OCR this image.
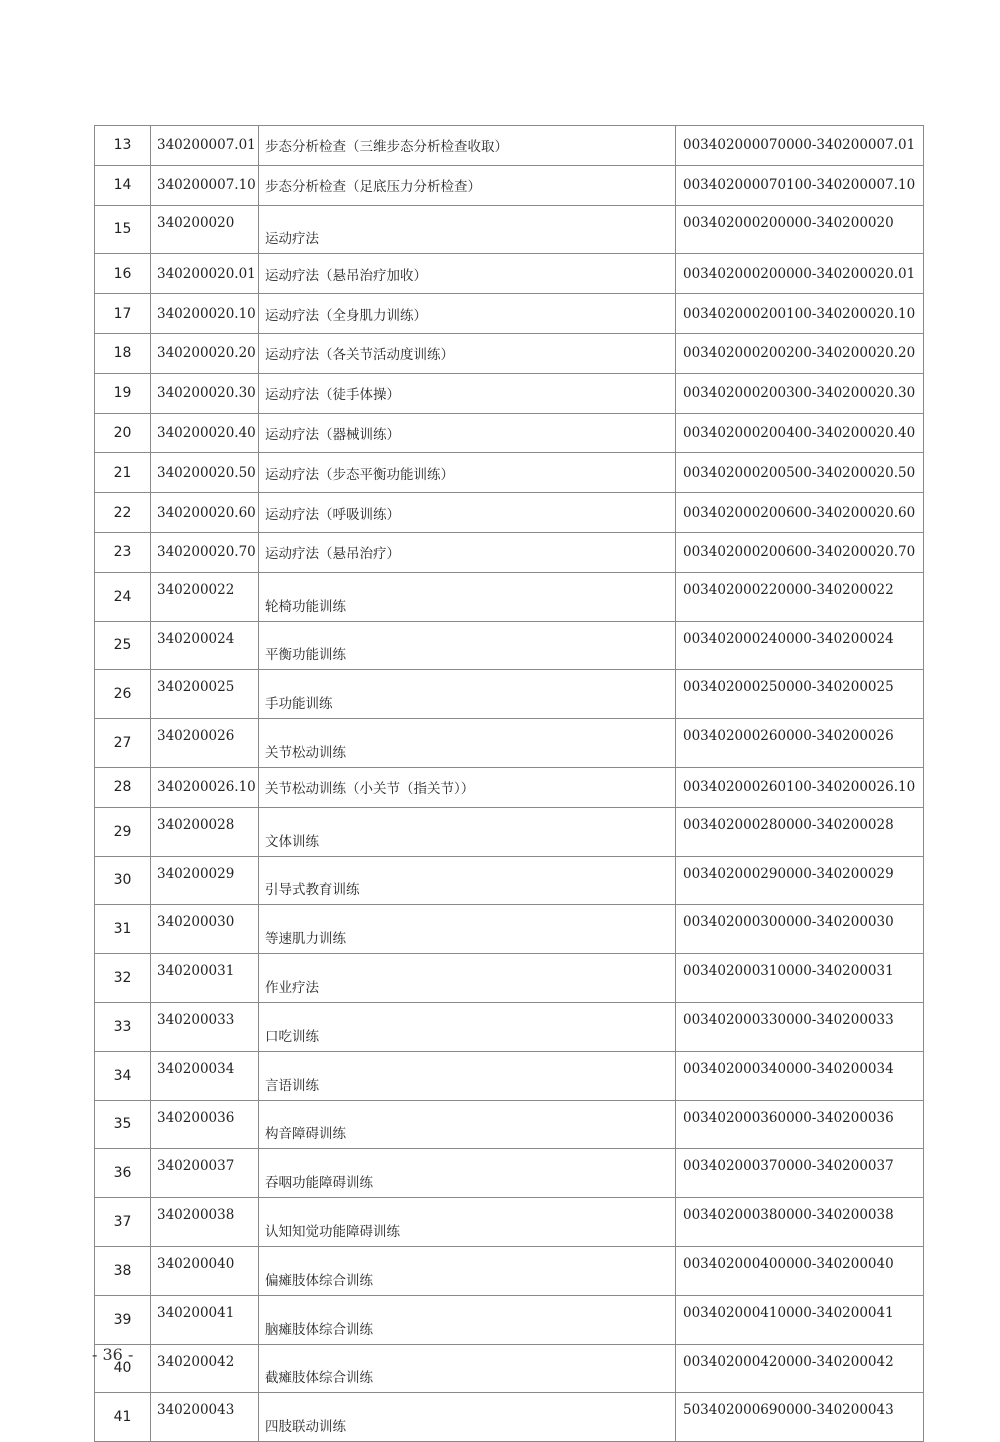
13	340200007.01	步态分析检查（三维步态分析检查收取）	003402000070000-340200007.01
14	340200007.10	步态分析检查（足底压力分析检查）	003402000070100-340200007.10
15	340200020	运动疗法	003402000200000-340200020
16	340200020.01	运动疗法（悬吊治疗加收）	003402000200000-340200020.01
17	340200020.10	运动疗法（全身肌力训练）	003402000200100-340200020.10
18	340200020.20	运动疗法（各关节活动度训练）	003402000200200-340200020.20
19	340200020.30	运动疗法（徒手体操）	003402000200300-340200020.30
20	340200020.40	运动疗法（器械训练）	003402000200400-340200020.40
21	340200020.50	运动疗法（步态平衡功能训练）	003402000200500-340200020.50
22	340200020.60	运动疗法（呼吸训练）	003402000200600-340200020.60
23	340200020.70	运动疗法（悬吊治疗）	003402000200600-340200020.70
24	340200022	轮椅功能训练	003402000220000-340200022
25	340200024	平衡功能训练	003402000240000-340200024
26	340200025	手功能训练	003402000250000-340200025
27	340200026	关节松动训练	003402000260000-340200026
28	340200026.10	关节松动训练（小关节（指关节））	003402000260100-340200026.10
29	340200028	文体训练	003402000280000-340200028
30	340200029	引导式教育训练	003402000290000-340200029
31	340200030	等速肌力训练	003402000300000-340200030
32	340200031	作业疗法	003402000310000-340200031
33	340200033	口吃训练	003402000330000-340200033
34	340200034	言语训练	003402000340000-340200034
35	340200036	构音障碍训练	003402000360000-340200036
36	340200037	吞咽功能障碍训练	003402000370000-340200037
37	340200038	认知知觉功能障碍训练	003402000380000-340200038
38	340200040	偏瘫肢体综合训练	003402000400000-340200040
39	340200041	脑瘫肢体综合训练	003402000410000-340200041
40	340200042	截瘫肢体综合训练	003402000420000-340200042
41	340200043	四肢联动训练	503402000690000-340200043
- 36 -
